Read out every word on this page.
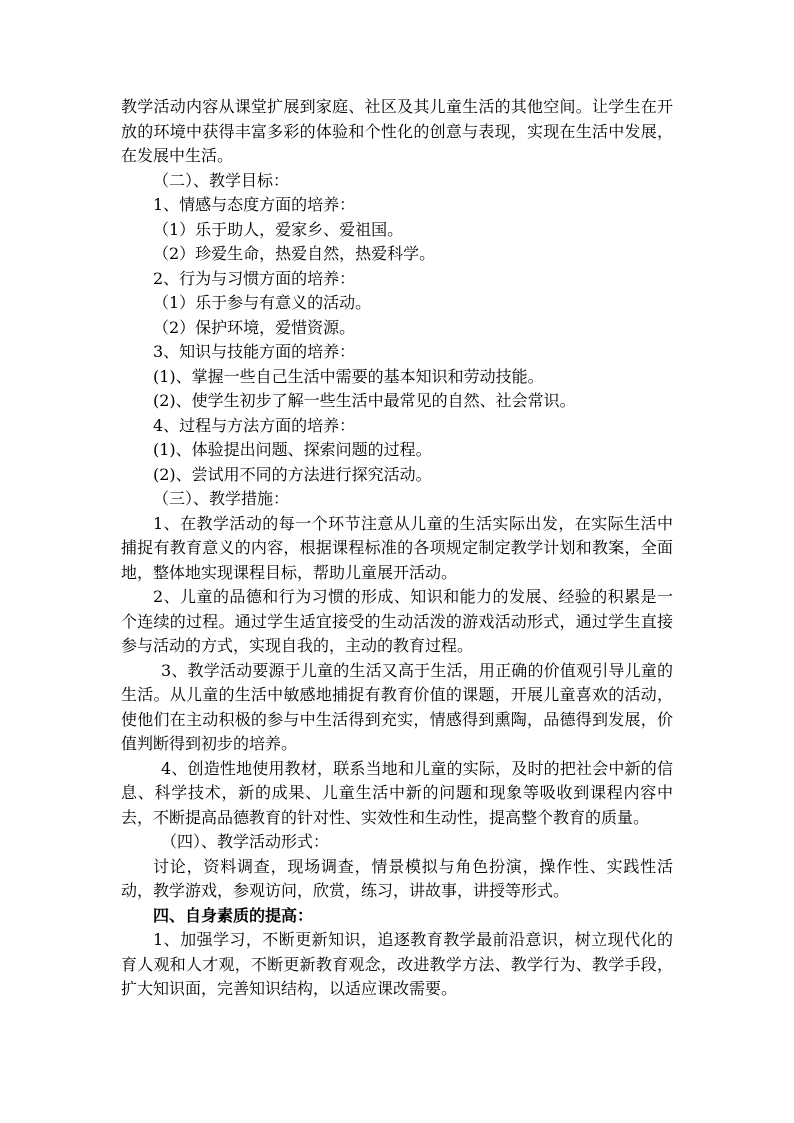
教学活动内容从课堂扩展到家庭、社区及其儿童生活的其他空间。让学生在开放的环境中获得丰富多彩的体验和个性化的创意与表现，实现在生活中发展，在发展中生活。

（二）、教学目标：

1、情感与态度方面的培养：

（1）乐于助人，爱家乡、爱祖国。

（2）珍爱生命，热爱自然，热爱科学。

2、行为与习惯方面的培养：

（1）乐于参与有意义的活动。

（2）保护环境，爱惜资源。

3、知识与技能方面的培养：

(1)、掌握一些自己生活中需要的基本知识和劳动技能。

(2)、使学生初步了解一些生活中最常见的自然、社会常识。

4、过程与方法方面的培养：

(1)、体验提出问题、探索问题的过程。

(2)、尝试用不同的方法进行探究活动。

（三）、教学措施：

1、在教学活动的每一个环节注意从儿童的生活实际出发，在实际生活中捕捉有教育意义的内容，根据课程标准的各项规定制定教学计划和教案，全面地，整体地实现课程目标，帮助儿童展开活动。

2、儿童的品德和行为习惯的形成、知识和能力的发展、经验的积累是一个连续的过程。通过学生适宜接受的生动活泼的游戏活动形式，通过学生直接参与活动的方式，实现自我的，主动的教育过程。

3、教学活动要源于儿童的生活又高于生活，用正确的价值观引导儿童的生活。从儿童的生活中敏感地捕捉有教育价值的课题，开展儿童喜欢的活动，使他们在主动积极的参与中生活得到充实，情感得到熏陶，品德得到发展，价值判断得到初步的培养。

4、创造性地使用教材，联系当地和儿童的实际，及时的把社会中新的信息、科学技术，新的成果、儿童生活中新的问题和现象等吸收到课程内容中去，不断提高品德教育的针对性、实效性和生动性，提高整个教育的质量。

（四）、教学活动形式：

讨论，资料调查，现场调查，情景模拟与角色扮演，操作性、实践性活动，教学游戏，参观访问，欣赏，练习，讲故事，讲授等形式。

四、自身素质的提高：

1、加强学习，不断更新知识，追逐教育教学最前沿意识，树立现代化的育人观和人才观，不断更新教育观念，改进教学方法、教学行为、教学手段，扩大知识面，完善知识结构，以适应课改需要。
